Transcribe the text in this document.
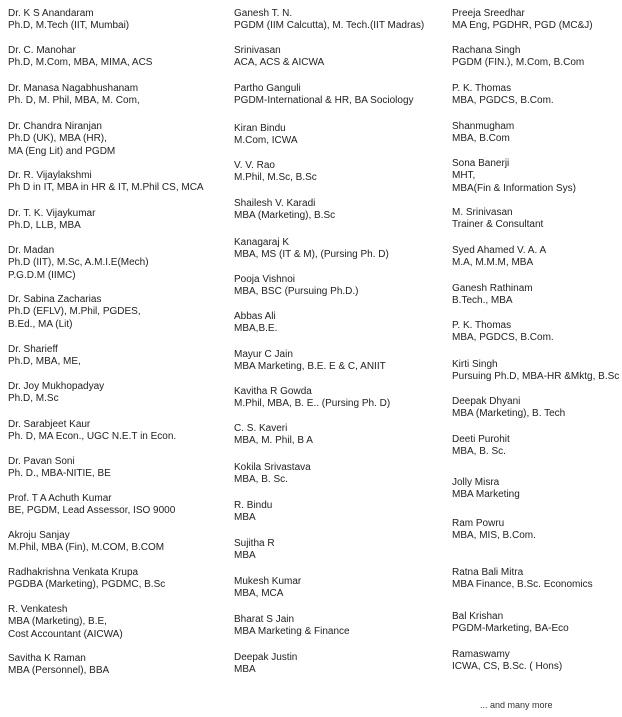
Dr. K S Anandaram
Ph.D, M.Tech (IIT, Mumbai)
Dr. C. Manohar
Ph.D, M.Com, MBA, MIMA, ACS
Dr. Manasa Nagabhushanam
Ph. D, M. Phil, MBA, M. Com,
Dr. Chandra Niranjan
Ph.D (UK), MBA (HR),
MA (Eng Lit) and PGDM
Dr. R. Vijaylakshmi
Ph D in IT, MBA in HR & IT, M.Phil CS, MCA
Dr. T. K. Vijaykumar
Ph.D, LLB, MBA
Dr. Madan
Ph.D (IIT), M.Sc, A.M.I.E(Mech)
P.G.D.M (IIMC)
Dr. Sabina Zacharias
Ph.D (EFLV), M.Phil, PGDES,
B.Ed., MA (Lit)
Dr. Sharieff
Ph.D, MBA, ME,
Dr. Joy Mukhopadyay
Ph.D, M.Sc
Dr. Sarabjeet Kaur
Ph. D, MA Econ., UGC N.E.T in Econ.
Dr. Pavan Soni
Ph. D., MBA-NITIE, BE
Prof. T A Achuth Kumar
BE, PGDM, Lead Assessor, ISO 9000
Akroju Sanjay
M.Phil, MBA (Fin), M.COM, B.COM
Radhakrishna Venkata Krupa
PGDBA (Marketing), PGDMC, B.Sc
R. Venkatesh
MBA (Marketing), B.E,
Cost Accountant (AICWA)
Savitha K Raman
MBA (Personnel), BBA
Ganesh T. N.
PGDM (IIM Calcutta), M. Tech.(IIT Madras)
Srinivasan
ACA, ACS & AICWA
Partho Ganguli
PGDM-International & HR, BA Sociology
Kiran Bindu
M.Com, ICWA
V. V. Rao
M.Phil, M.Sc, B.Sc
Shailesh V. Karadi
MBA (Marketing), B.Sc
Kanagaraj K
MBA, MS (IT & M), (Pursing Ph. D)
Pooja Vishnoi
MBA, BSC (Pursuing Ph.D.)
Abbas Ali
MBA,B.E.
Mayur C Jain
MBA Marketing, B.E. E & C, ANIIT
Kavitha R Gowda
M.Phil, MBA, B. E.. (Pursing Ph. D)
C. S. Kaveri
MBA, M. Phil, B A
Kokila Srivastava
MBA, B. Sc.
R. Bindu
MBA
Sujitha R
MBA
Mukesh Kumar
MBA, MCA
Bharat S Jain
MBA Marketing & Finance
Deepak Justin
MBA
Preeja Sreedhar
MA Eng, PGDHR, PGD (MC&J)
Rachana Singh
PGDM (FIN.), M.Com, B.Com
P. K. Thomas
MBA, PGDCS, B.Com.
Shanmugham
MBA, B.Com
Sona Banerji
MHT,
MBA(Fin & Information Sys)
M. Srinivasan
Trainer & Consultant
Syed Ahamed V. A. A
M.A, M.M.M, MBA
Ganesh Rathinam
B.Tech., MBA
P. K. Thomas
MBA, PGDCS, B.Com.
Kirti Singh
Pursuing Ph.D, MBA-HR &Mktg, B.Sc
Deepak Dhyani
MBA (Marketing), B. Tech
Deeti Purohit
MBA, B. Sc.
Jolly Misra
MBA Marketing
Ram Powru
MBA, MIS, B.Com.
Ratna Bali Mitra
MBA Finance, B.Sc. Economics
Bal Krishan
PGDM-Marketing, BA-Eco
Ramaswamy
ICWA, CS, B.Sc. ( Hons)
... and many more
